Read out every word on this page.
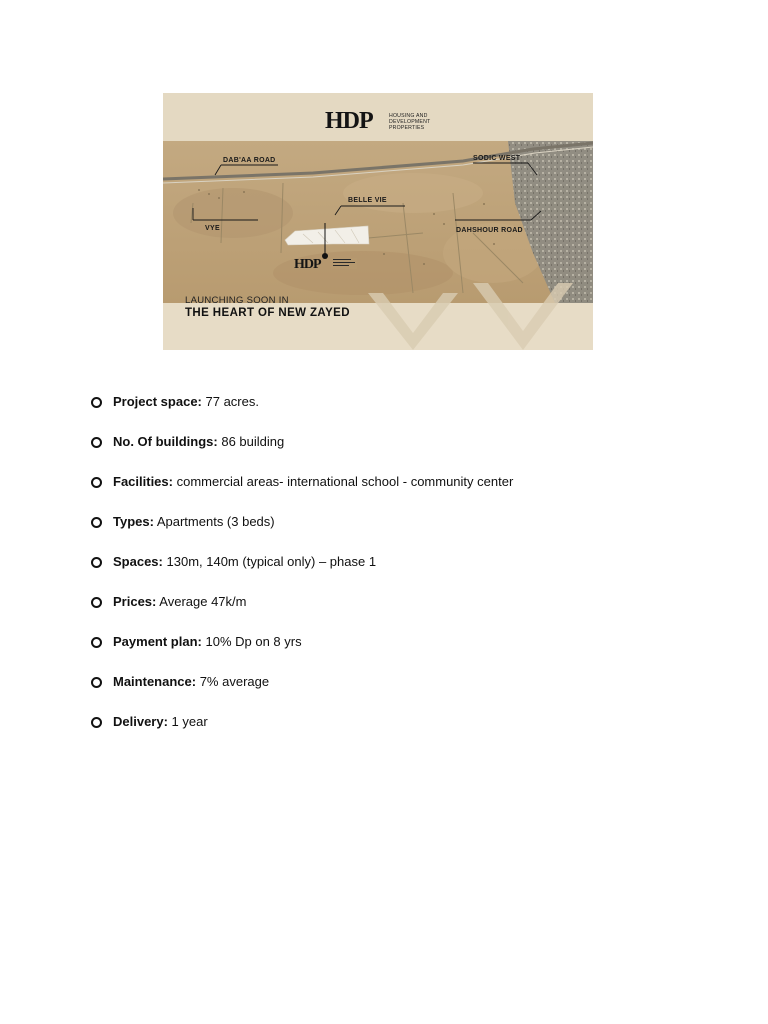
DAB'AA ROAD	SODIC WEST
BELLE VIE
VYE	DAHSHOUR ROAD
HDP
LAUNCHING SOON IN
THE HEART OF NEW ZAYED
HDP	HOUSING AND
DEVELOPMENT
PROPERTIES
Project space: 77 acres.
No. Of buildings: 86 building
Facilities: commercial areas- international school - community center
Types: Apartments (3 beds)
Spaces: 130m, 140m (typical only) – phase 1
Prices: Average 47k/m
Payment plan: 10% Dp on 8 yrs
Maintenance: 7% average
Delivery: 1 year
